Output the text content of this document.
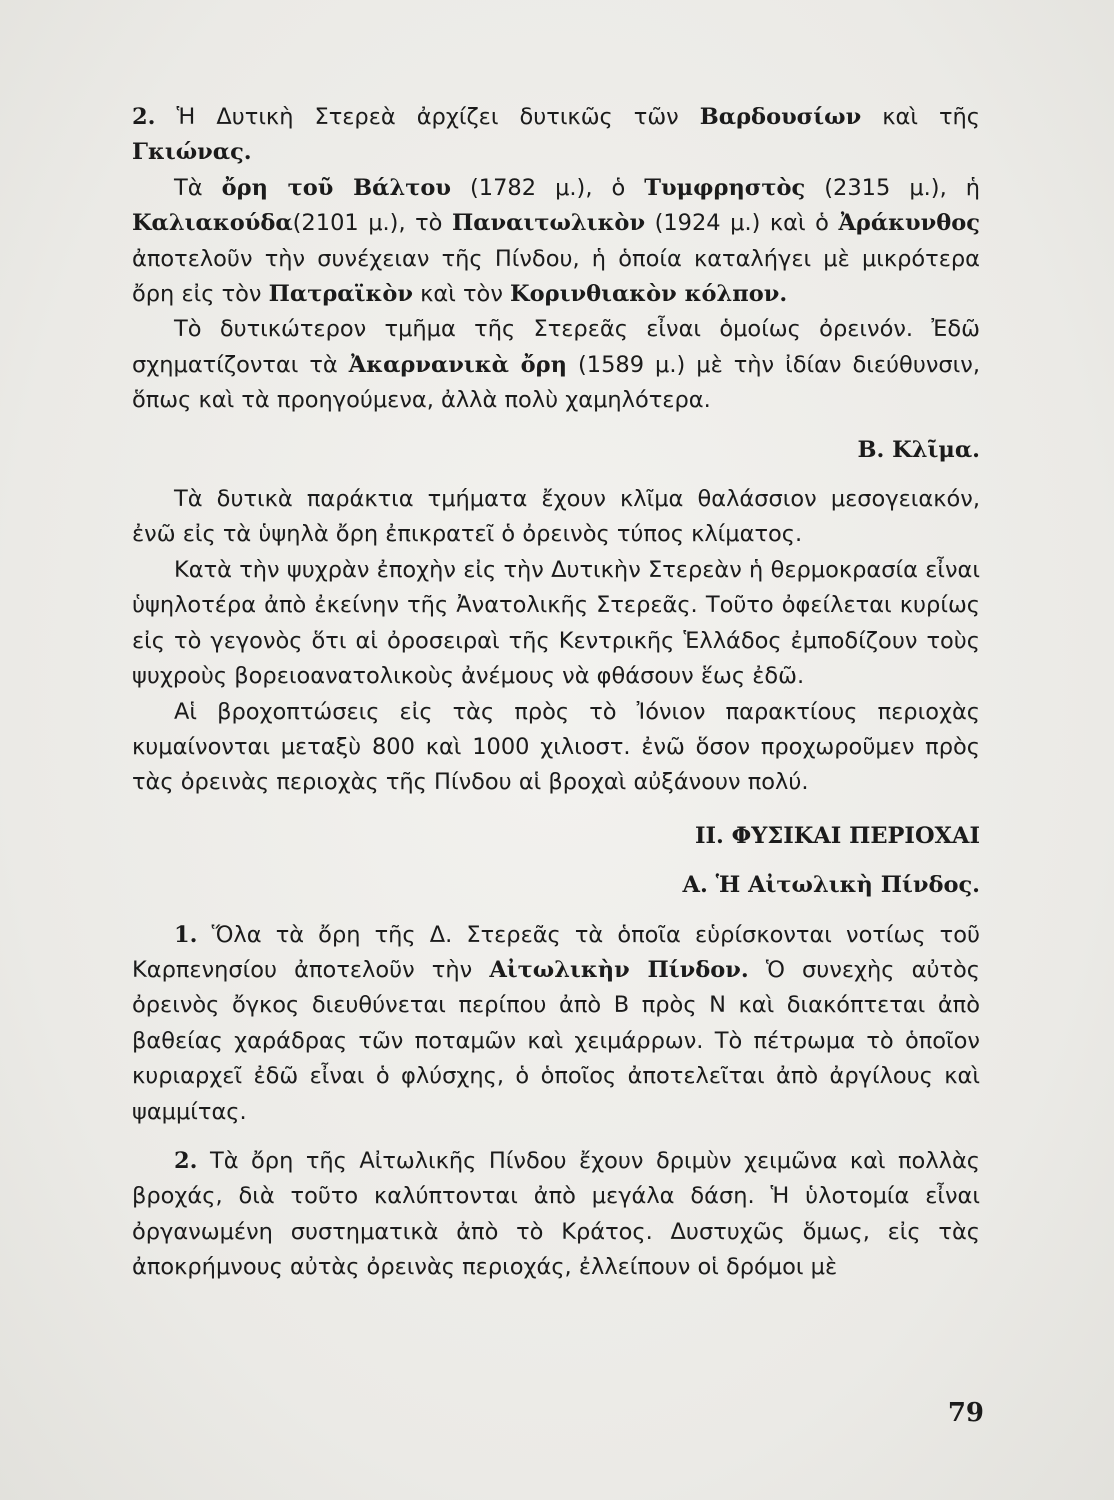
2. Ἡ Δυτικὴ Στερεὰ ἀρχίζει δυτικῶς τῶν Βαρδουσίων καὶ τῆς Γκιώνας.

Τὰ ὄρη τοῦ Βάλτου (1782 μ.), ὁ Τυμφρηστὸς (2315 μ.), ἡ Καλιακούδα(2101 μ.), τὸ Παναιτωλικὸν (1924 μ.) καὶ ὁ Ἀράκυνθος ἀποτελοῦν τὴν συνέχειαν τῆς Πίνδου, ἡ ὁποία καταλήγει μὲ μικρότερα ὄρη εἰς τὸν Πατραϊκὸν καὶ τὸν Κορινθιακὸν κόλπον.

Τὸ δυτικώτερον τμῆμα τῆς Στερεᾶς εἶναι ὁμοίως ὀρεινόν. Ἐδῶ σχηματίζονται τὰ Ἀκαρνανικὰ ὄρη (1589 μ.) μὲ τὴν ἰδίαν διεύθυνσιν, ὅπως καὶ τὰ προηγούμενα, ἀλλὰ πολὺ χαμηλότερα.

Β. Κλῖμα.

Τὰ δυτικὰ παράκτια τμήματα ἔχουν κλῖμα θαλάσσιον μεσογειακόν, ἐνῶ εἰς τὰ ὑψηλὰ ὄρη ἐπικρατεῖ ὁ ὀρεινὸς τύπος κλίματος.

Κατὰ τὴν ψυχρὰν ἐποχὴν εἰς τὴν Δυτικὴν Στερεὰν ἡ θερμοκρασία εἶναι ὑψηλοτέρα ἀπὸ ἐκείνην τῆς Ἀνατολικῆς Στερεᾶς. Τοῦτο ὀφείλεται κυρίως εἰς τὸ γεγονὸς ὅτι αἱ ὀροσειραὶ τῆς Κεντρικῆς Ἑλλάδος ἐμποδίζουν τοὺς ψυχροὺς βορειοανατολικοὺς ἀνέμους νὰ φθάσουν ἕως ἐδῶ.

Αἱ βροχοπτώσεις εἰς τὰς πρὸς τὸ Ἰόνιον παρακτίους περιοχὰς κυμαίνονται μεταξὺ 800 καὶ 1000 χιλιοστ. ἐνῶ ὅσον προχωροῦμεν πρὸς τὰς ὀρεινὰς περιοχὰς τῆς Πίνδου αἱ βροχαὶ αὐξάνουν πολύ.

ΙΙ. ΦΥΣΙΚΑΙ ΠΕΡΙΟΧΑΙ

Α. Ἡ Αἰτωλικὴ Πίνδος.

1. Ὅλα τὰ ὄρη τῆς Δ. Στερεᾶς τὰ ὁποῖα εὑρίσκονται νοτίως τοῦ Καρπενησίου ἀποτελοῦν τὴν Αἰτωλικὴν Πίνδον. Ὁ συνεχὴς αὐτὸς ὀρεινὸς ὄγκος διευθύνεται περίπου ἀπὸ Β πρὸς Ν καὶ διακόπτεται ἀπὸ βαθείας χαράδρας τῶν ποταμῶν καὶ χειμάρρων. Τὸ πέτρωμα τὸ ὁποῖον κυριαρχεῖ ἐδῶ εἶναι ὁ φλύσχης, ὁ ὁποῖος ἀποτελεῖται ἀπὸ ἀργίλους καὶ ψαμμίτας.

2. Τὰ ὄρη τῆς Αἰτωλικῆς Πίνδου ἔχουν δριμὺν χειμῶνα καὶ πολλὰς βροχάς, διὰ τοῦτο καλύπτονται ἀπὸ μεγάλα δάση. Ἡ ὑλοτομία εἶναι ὀργανωμένη συστηματικὰ ἀπὸ τὸ Κράτος. Δυστυχῶς ὅμως, εἰς τὰς ἀποκρήμνους αὐτὰς ὀρεινὰς περιοχάς, ἐλλείπουν οἱ δρόμοι μὲ

79
